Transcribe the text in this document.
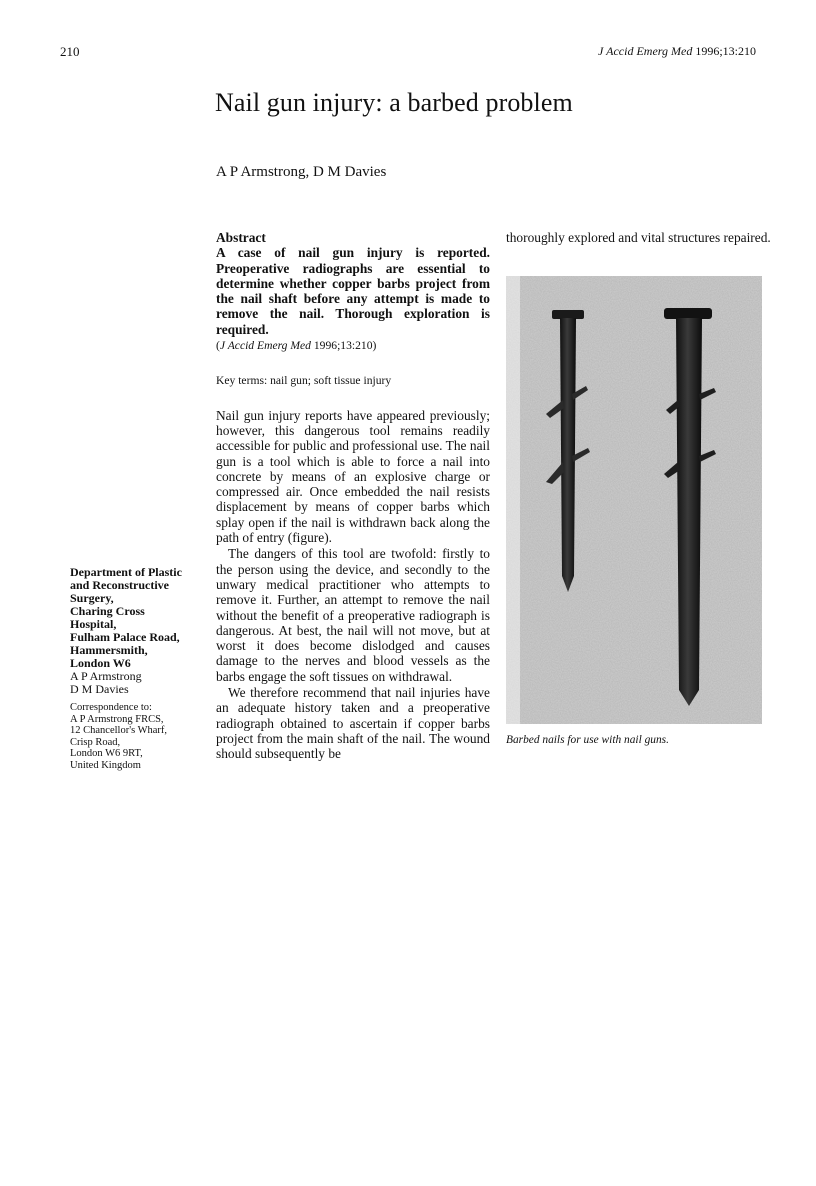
210	J Accid Emerg Med 1996;13:210
Nail gun injury: a barbed problem
A P Armstrong, D M Davies
Abstract
A case of nail gun injury is reported. Preoperative radiographs are essential to determine whether copper barbs project from the nail shaft before any attempt is made to remove the nail. Thorough exploration is required.
(J Accid Emerg Med 1996;13:210)
Key terms: nail gun; soft tissue injury

Nail gun injury reports have appeared previously; however, this dangerous tool remains readily accessible for public and professional use. The nail gun is a tool which is able to force a nail into concrete by means of an explosive charge or compressed air. Once embedded the nail resists displacement by means of copper barbs which splay open if the nail is withdrawn back along the path of entry (figure).

The dangers of this tool are twofold: firstly to the person using the device, and secondly to the unwary medical practitioner who attempts to remove it. Further, an attempt to remove the nail without the benefit of a preoperative radiograph is dangerous. At best, the nail will not move, but at worst it does become dislodged and causes damage to the nerves and blood vessels as the barbs engage the soft tissues on withdrawal.

We therefore recommend that nail injuries have an adequate history taken and a preoperative radiograph obtained to ascertain if copper barbs project from the main shaft of the nail. The wound should subsequently be

thoroughly explored and vital structures repaired.
Department of Plastic
and Reconstructive
Surgery,
Charing Cross
Hospital,
Fulham Palace Road,
Hammersmith,
London W6
A P Armstrong
D M Davies
Correspondence to:
A P Armstrong FRCS,
12 Chancellor's Wharf,
Crisp Road,
London W6 9RT,
United Kingdom
Barbed nails for use with nail guns.
